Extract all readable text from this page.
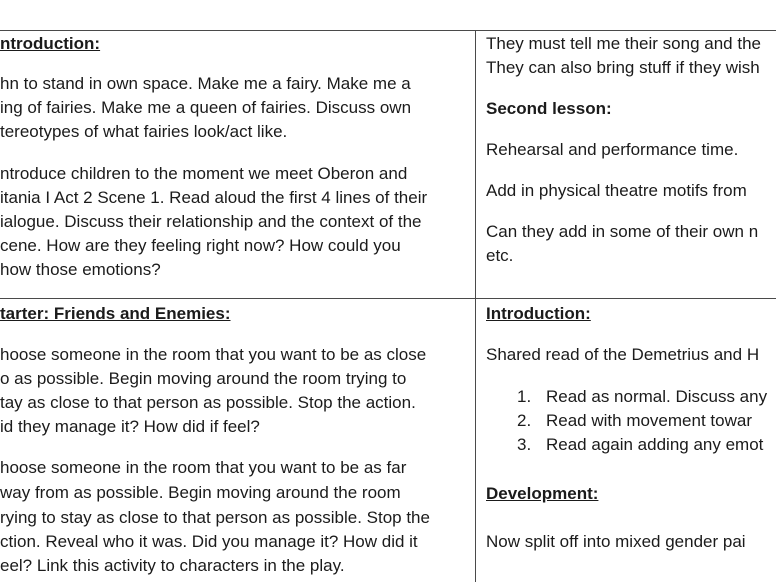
ntroduction:

hn to stand in own space. Make me a fairy. Make me a

ing of fairies. Make me a queen of fairies. Discuss own

tereotypes of what fairies look/act like.

ntroduce children to the moment we meet Oberon and

itania I Act 2 Scene 1. Read aloud the first 4 lines of their

ialogue. Discuss their relationship and the context of the

cene. How are they feeling right now? How could you

how those emotions?

They must tell me their song and the

They can also bring stuff if they wish

Second lesson:

Rehearsal and performance time.

Add in physical theatre motifs from

Can they add in some of their own n

etc.

tarter: Friends and Enemies:

hoose someone in the room that you want to be as close

o as possible. Begin moving around the room trying to

tay as close to that person as possible. Stop the action.

id they manage it? How did if feel?

hoose someone in the room that you want to be as far

way from as possible. Begin moving around the room

rying to stay as close to that person as possible. Stop the

ction. Reveal who it was. Did you manage it? How did it

eel? Link this activity to characters in the play.

Introduction:

Shared read of the Demetrius and H

1. Read as normal. Discuss any
2. Read with movement towar
3. Read again adding any emot

Development:

Now split off into mixed gender pai
